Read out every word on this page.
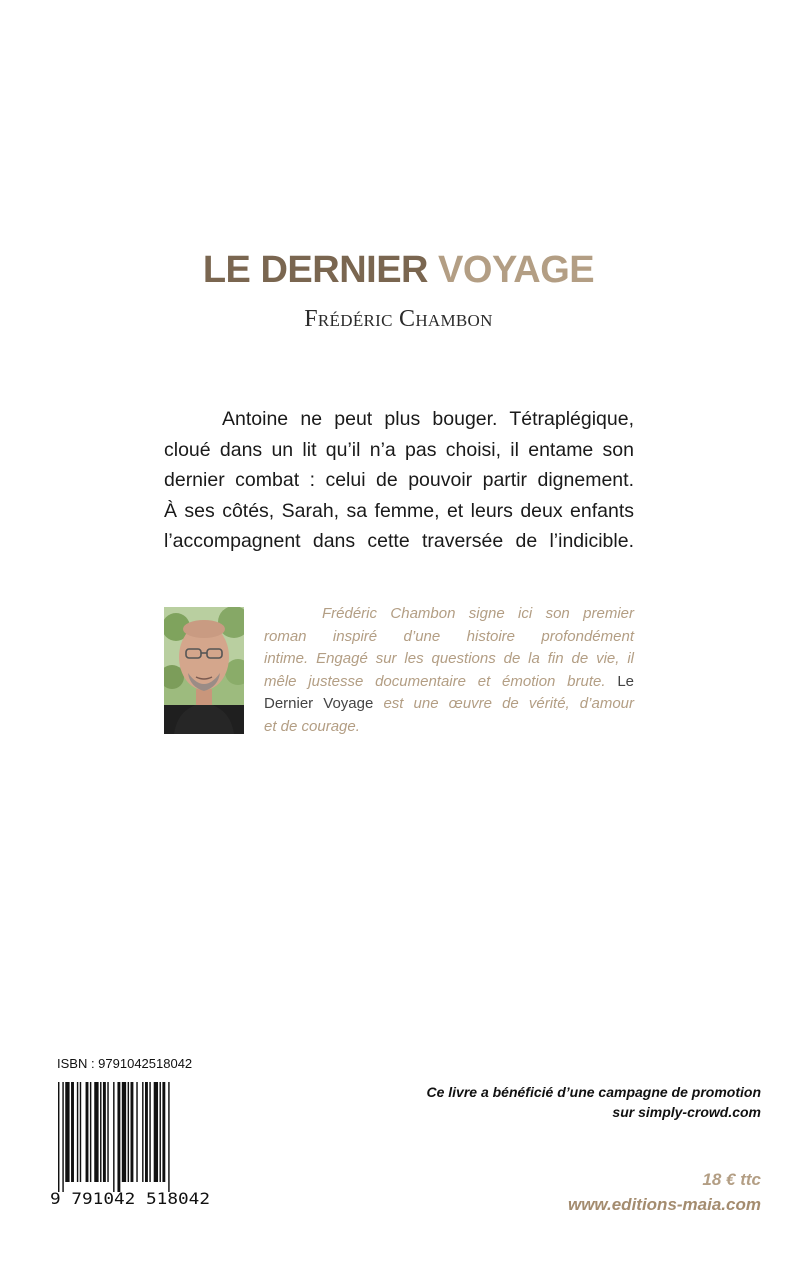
LE DERNIER VOYAGE
Frédéric Chambon
Antoine ne peut plus bouger. Tétraplégique,
cloué dans un lit qu’il n’a pas choisi, il entame son
dernier combat : celui de pouvoir partir dignement.
À ses côtés, Sarah, sa femme, et leurs deux enfants
l’accompagnent dans cette traversée de l’indicible.
Frédéric Chambon signe ici son premier
roman inspiré d’une histoire profondément
intime. Engagé sur les questions de la fin de vie, il
mêle justesse documentaire et émotion brute. Le
Dernier Voyage est une œuvre de vérité, d’amour
et de courage.
ISBN : 9791042518042
9 791042 518042
Ce livre a bénéficié d’une campagne de promotion
sur simply-crowd.com
18 € ttc
www.editions-maia.com
